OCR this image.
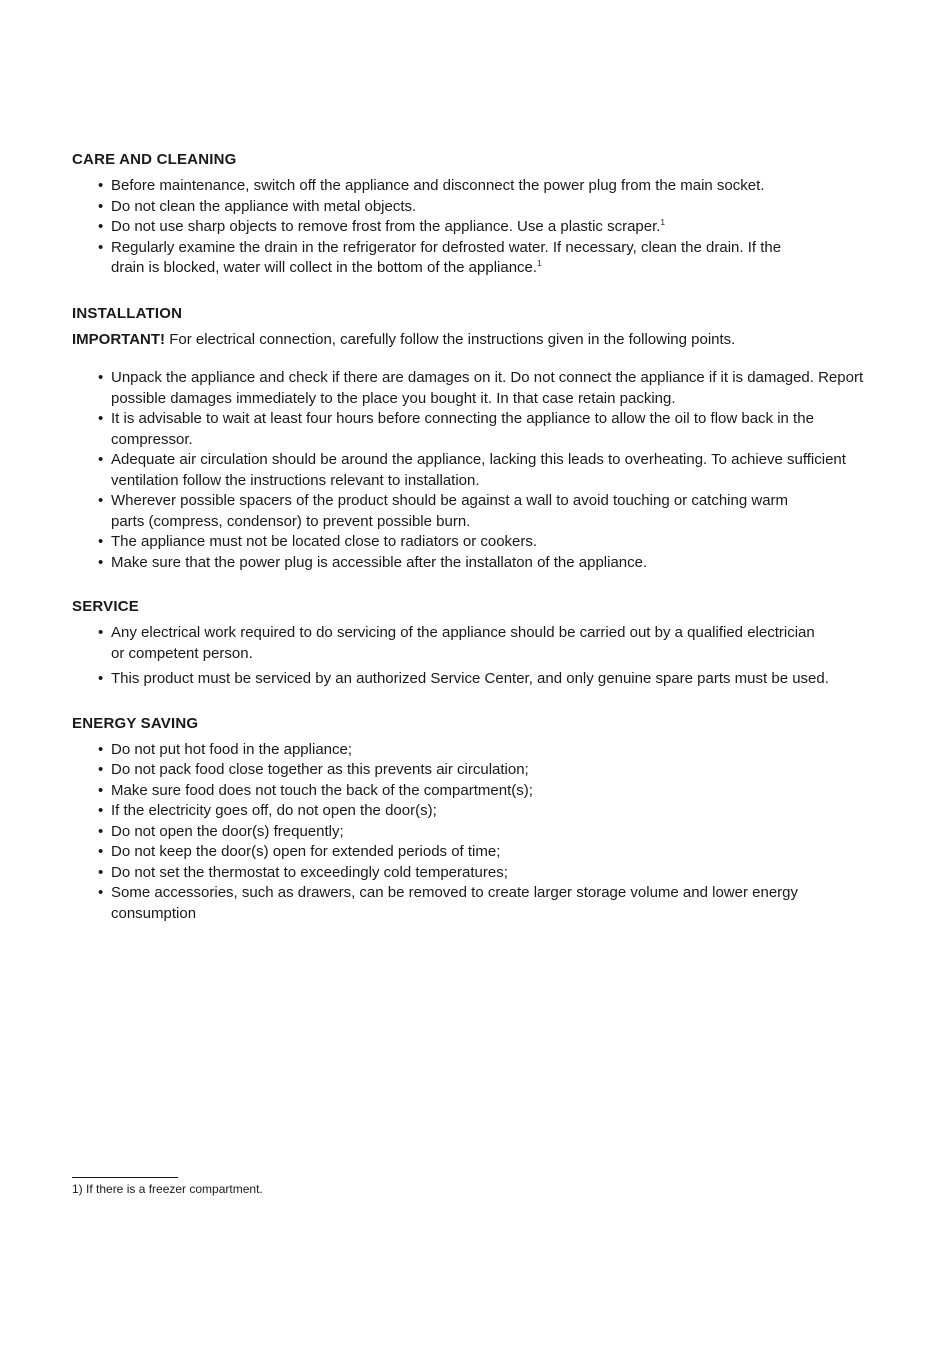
CARE AND CLEANING
• Before maintenance, switch off the appliance and disconnect the power plug from the main socket.
• Do not clean the appliance with metal objects.
• Do not use sharp objects to remove frost from the appliance. Use a plastic scraper.$^1$
• Regularly examine the drain in the refrigerator for defrosted water. If necessary, clean the drain. If the drain is blocked, water will collect in the bottom of the appliance.$^1$
INSTALLATION
IMPORTANT! For electrical connection, carefully follow the instructions given in the following points.
• Unpack the appliance and check if there are damages on it. Do not connect the appliance if it is damaged. Report possible damages immediately to the place you bought it. In that case retain packing.
• It is advisable to wait at least four hours before connecting the appliance to allow the oil to flow back in the compressor.
• Adequate air circulation should be around the appliance, lacking this leads to overheating. To achieve sufficient ventilation follow the instructions relevant to installation.
• Wherever possible spacers of the product should be against a wall to avoid touching or catching warm parts (compress, condensor) to prevent possible burn.
• The appliance must not be located close to radiators or cookers.
• Make sure that the power plug is accessible after the installaton of the appliance.
SERVICE
• Any electrical work required to do servicing of the appliance should be carried out by a qualified electrician or competent person.
• This product must be serviced by an authorized Service Center, and only genuine spare parts must be used.
ENERGY SAVING
• Do not put hot food in the appliance;
• Do not pack food close together as this prevents air circulation;
• Make sure food does not touch the back of the compartment(s);
• If the electricity goes off, do not open the door(s);
• Do not open the door(s) frequently;
• Do not keep the door(s) open for extended periods of time;
• Do not set the thermostat to exceedingly cold temperatures;
• Some accessories, such as drawers, can be removed to create larger storage volume and lower energy consumption
1) If there is a freezer compartment.
